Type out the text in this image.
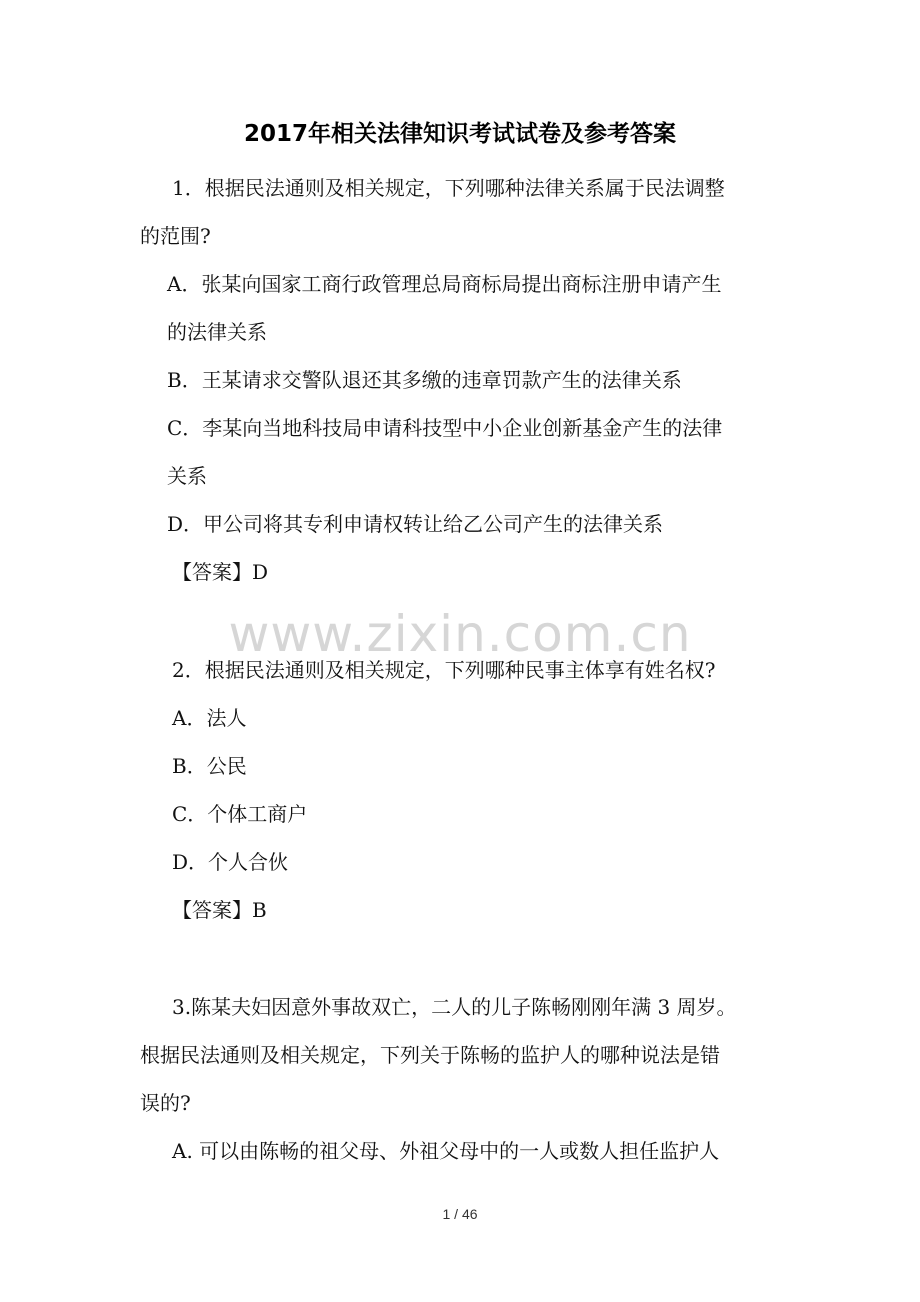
2017年相关法律知识考试试卷及参考答案
1．根据民法通则及相关规定，下列哪种法律关系属于民法调整
的范围?
A．张某向国家工商行政管理总局商标局提出商标注册申请产生
的法律关系
B．王某请求交警队退还其多缴的违章罚款产生的法律关系
C．李某向当地科技局申请科技型中小企业创新基金产生的法律
关系
D．甲公司将其专利申请权转让给乙公司产生的法律关系
【答案】D
www.zixin.com.cn
2．根据民法通则及相关规定，下列哪种民事主体享有姓名权?
A．法人
B．公民
C．个体工商户
D．个人合伙
【答案】B
3.陈某夫妇因意外事故双亡，二人的儿子陈畅刚刚年满 3 周岁。
根据民法通则及相关规定，下列关于陈畅的监护人的哪种说法是错
误的?
A. 可以由陈畅的祖父母、外祖父母中的一人或数人担任监护人
1 / 46
